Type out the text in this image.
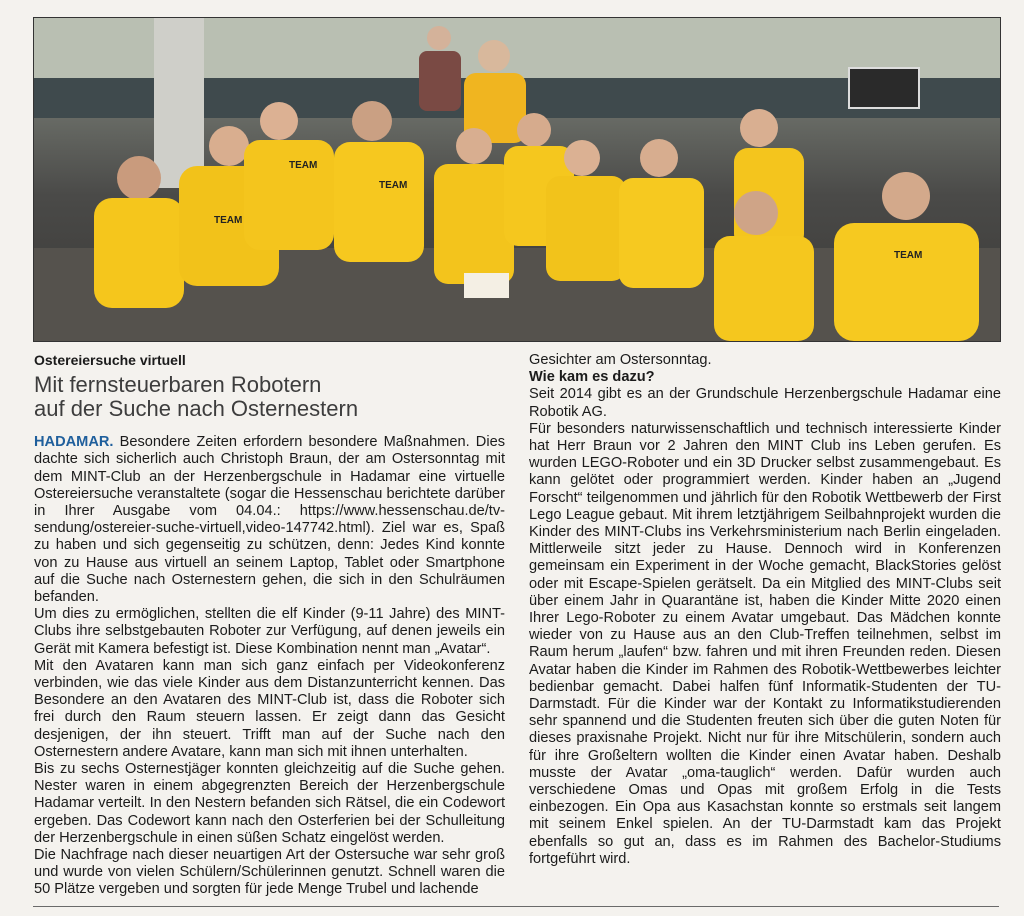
TEAM
TEAM
TEAM
TEAM

Ostereiersuche virtuell

Mit fernsteuerbaren Robotern
auf der Suche nach Osternestern

HADAMAR. Besondere Zeiten erfordern besondere Maßnahmen. Dies dachte sich sicherlich auch Christoph Braun, der am Ostersonntag mit dem MINT-Club an der Herzenbergschule in Hadamar eine virtuelle Ostereiersuche veranstaltete (sogar die Hessenschau berichtete darüber in Ihrer Ausgabe vom 04.04.: https://www.hessenschau.de/tv-sendung/ostereier-suche-virtuell,video-147742.html). Ziel war es, Spaß zu haben und sich gegenseitig zu schützen, denn: Jedes Kind konnte von zu Hause aus virtuell an seinem Laptop, Tablet oder Smartphone auf die Suche nach Osternestern gehen, die sich in den Schulräumen befanden.

Um dies zu ermöglichen, stellten die elf Kinder (9-11 Jahre) des MINT-Clubs ihre selbstgebauten Roboter zur Verfügung, auf denen jeweils ein Gerät mit Kamera befestigt ist. Diese Kombination nennt man „Avatar“.

Mit den Avataren kann man sich ganz einfach per Videokonferenz verbinden, wie das viele Kinder aus dem Distanzunterricht kennen. Das Besondere an den Avataren des MINT-Club ist, dass die Roboter sich frei durch den Raum steuern lassen. Er zeigt dann das Gesicht desjenigen, der ihn steuert. Trifft man auf der Suche nach den Osternestern andere Avatare, kann man sich mit ihnen unterhalten.

Bis zu sechs Osternestjäger konnten gleichzeitig auf die Suche gehen. Nester waren in einem abgegrenzten Bereich der Herzenbergschule Hadamar verteilt. In den Nestern befanden sich Rätsel, die ein Codewort ergeben. Das Codewort kann nach den Osterferien bei der Schulleitung der Herzenbergschule in einen süßen Schatz eingelöst werden.

Die Nachfrage nach dieser neuartigen Art der Ostersuche war sehr groß und wurde von vielen Schülern/Schülerinnen genutzt. Schnell waren die 50 Plätze vergeben und sorgten für jede Menge Trubel und lachende

Gesichter am Ostersonntag.

Wie kam es dazu?

Seit 2014 gibt es an der Grundschule Herzenbergschule Hadamar eine Robotik AG.

Für besonders naturwissenschaftlich und technisch interessierte Kinder hat Herr Braun vor 2 Jahren den MINT Club ins Leben gerufen. Es wurden LEGO-Roboter und ein 3D Drucker selbst zusammengebaut. Es kann gelötet oder programmiert werden. Kinder haben an „Jugend Forscht“ teilgenommen und jährlich für den Robotik Wettbewerb der First Lego League gebaut. Mit ihrem letztjährigem Seilbahnprojekt wurden die Kinder des MINT-Clubs ins Verkehrsministerium nach Berlin eingeladen. Mittlerweile sitzt jeder zu Hause. Dennoch wird in Konferenzen gemeinsam ein Experiment in der Woche gemacht, BlackStories gelöst oder mit Escape-Spielen gerätselt. Da ein Mitglied des MINT-Clubs seit über einem Jahr in Quarantäne ist, haben die Kinder Mitte 2020 einen Ihrer Lego-Roboter zu einem Avatar umgebaut. Das Mädchen konnte wieder von zu Hause aus an den Club-Treffen teilnehmen, selbst im Raum herum „laufen“ bzw. fahren und mit ihren Freunden reden. Diesen Avatar haben die Kinder im Rahmen des Robotik-Wettbewerbes leichter bedienbar gemacht. Dabei halfen fünf Informatik-Studenten der TU-Darmstadt. Für die Kinder war der Kontakt zu Informatikstudierenden sehr spannend und die Studenten freuten sich über die guten Noten für dieses praxisnahe Projekt. Nicht nur für ihre Mitschülerin, sondern auch für ihre Großeltern wollten die Kinder einen Avatar haben. Deshalb musste der Avatar „oma-tauglich“ werden. Dafür wurden auch verschiedene Omas und Opas mit großem Erfolg in die Tests einbezogen. Ein Opa aus Kasachstan konnte so erstmals seit langem mit seinem Enkel spielen. An der TU-Darmstadt kam das Projekt ebenfalls so gut an, dass es im Rahmen des Bachelor-Studiums fortgeführt wird.
